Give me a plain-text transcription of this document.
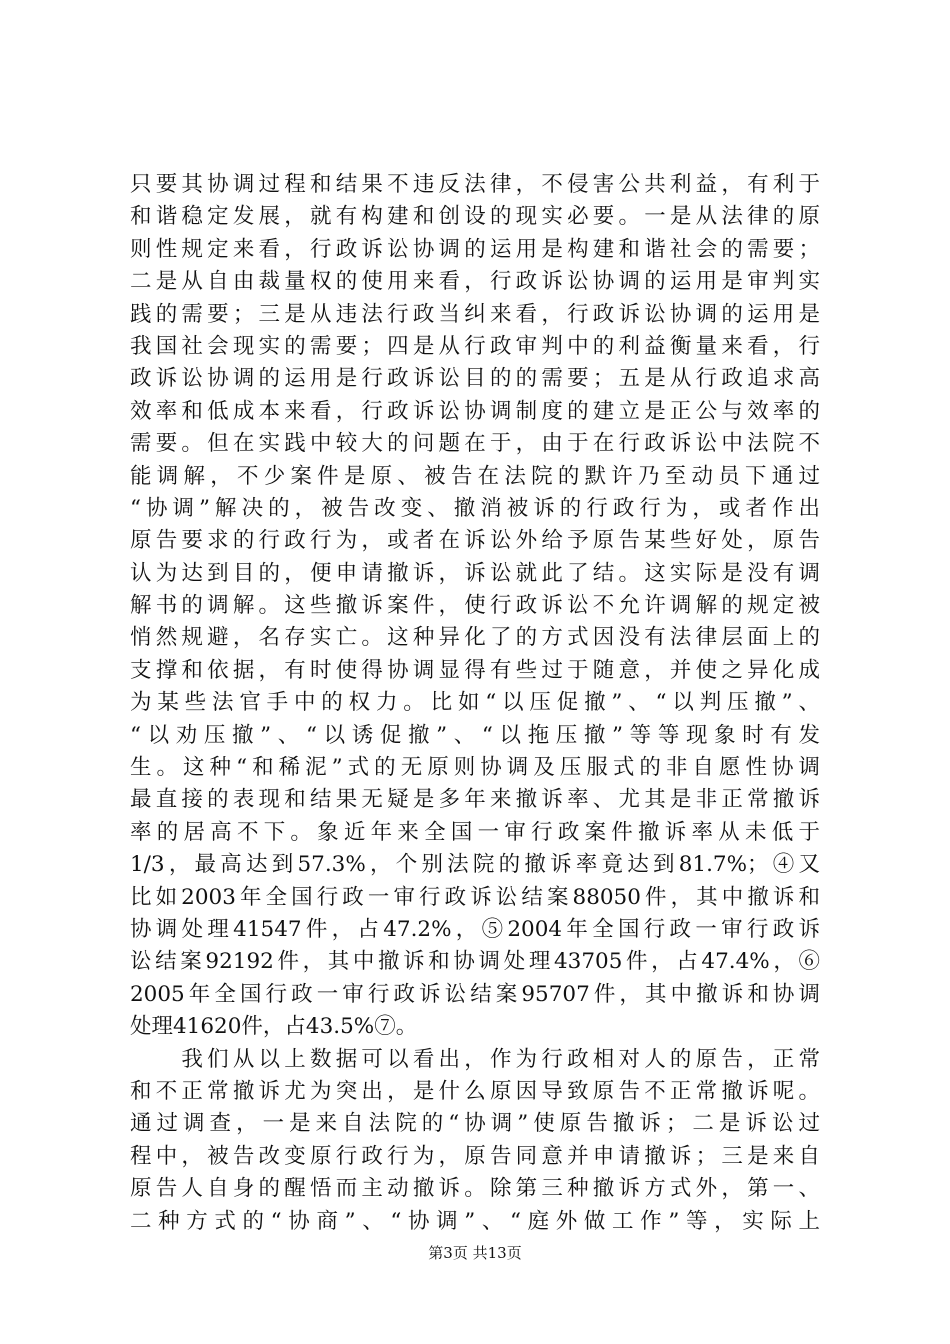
只要其协调过程和结果不违反法律，不侵害公共利益，有利于
和谐稳定发展，就有构建和创设的现实必要。一是从法律的原
则性规定来看，行政诉讼协调的运用是构建和谐社会的需要；
二是从自由裁量权的使用来看，行政诉讼协调的运用是审判实
践的需要；三是从违法行政当纠来看，行政诉讼协调的运用是
我国社会现实的需要；四是从行政审判中的利益衡量来看，行
政诉讼协调的运用是行政诉讼目的的需要；五是从行政追求高
效率和低成本来看，行政诉讼协调制度的建立是正公与效率的
需要。但在实践中较大的问题在于，由于在行政诉讼中法院不
能调解，不少案件是原、被告在法院的默许乃至动员下通过
“协调”解决的，被告改变、撤消被诉的行政行为，或者作出
原告要求的行政行为，或者在诉讼外给予原告某些好处，原告
认为达到目的，便申请撤诉，诉讼就此了结。这实际是没有调
解书的调解。这些撤诉案件，使行政诉讼不允许调解的规定被
悄然规避，名存实亡。这种异化了的方式因没有法律层面上的
支撑和依据，有时使得协调显得有些过于随意，并使之异化成
为某些法官手中的权力。比如“以压促撤”、“以判压撤”、
“以劝压撤”、“以诱促撤”、“以拖压撤”等等现象时有发
生。这种“和稀泥”式的无原则协调及压服式的非自愿性协调
最直接的表现和结果无疑是多年来撤诉率、尤其是非正常撤诉
率的居高不下。象近年来全国一审行政案件撤诉率从未低于
1/3，最高达到57.3%，个别法院的撤诉率竟达到81.7%；④又
比如2003年全国行政一审行政诉讼结案88050件，其中撤诉和
协调处理41547件，占47.2%，⑤2004年全国行政一审行政诉
讼结案92192件，其中撤诉和协调处理43705件，占47.4%，⑥
2005年全国行政一审行政诉讼结案95707件，其中撤诉和协调
处理41620件，占43.5%⑦。
　　我们从以上数据可以看出，作为行政相对人的原告，正常
和不正常撤诉尤为突出，是什么原因导致原告不正常撤诉呢。
通过调查，一是来自法院的“协调”使原告撤诉；二是诉讼过
程中，被告改变原行政行为，原告同意并申请撤诉；三是来自
原告人自身的醒悟而主动撤诉。除第三种撤诉方式外，第一、
二种方式的“协商”、“协调”、“庭外做工作”等，实际上
第3页 共13页
